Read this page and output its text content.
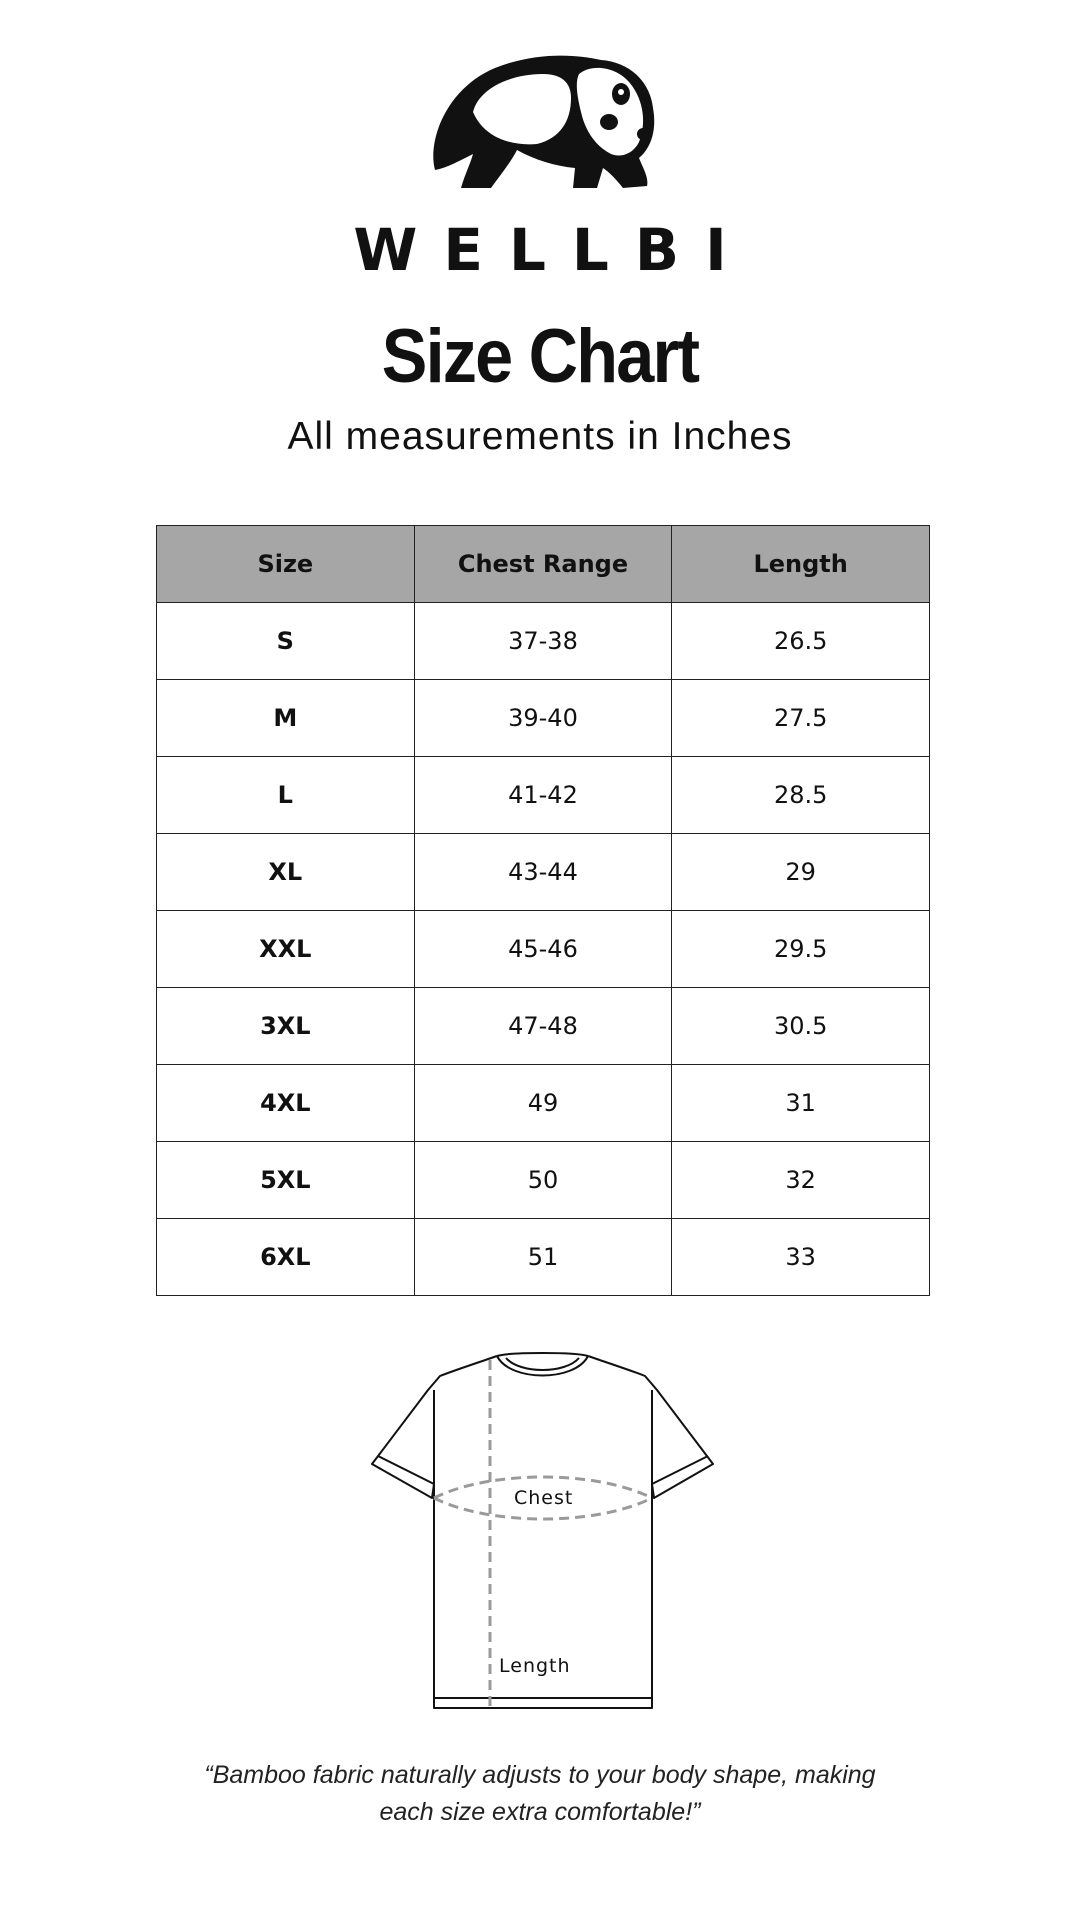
WELLBI
Size Chart
All measurements in Inches
Size	Chest Range	Length
S	37-38	26.5
M	39-40	27.5
L	41-42	28.5
XL	43-44	29
XXL	45-46	29.5
3XL	47-48	30.5
4XL	49	31
5XL	50	32
6XL	51	33
Chest
Length
“Bamboo fabric naturally adjusts to your body shape, making each size extra comfortable!”
